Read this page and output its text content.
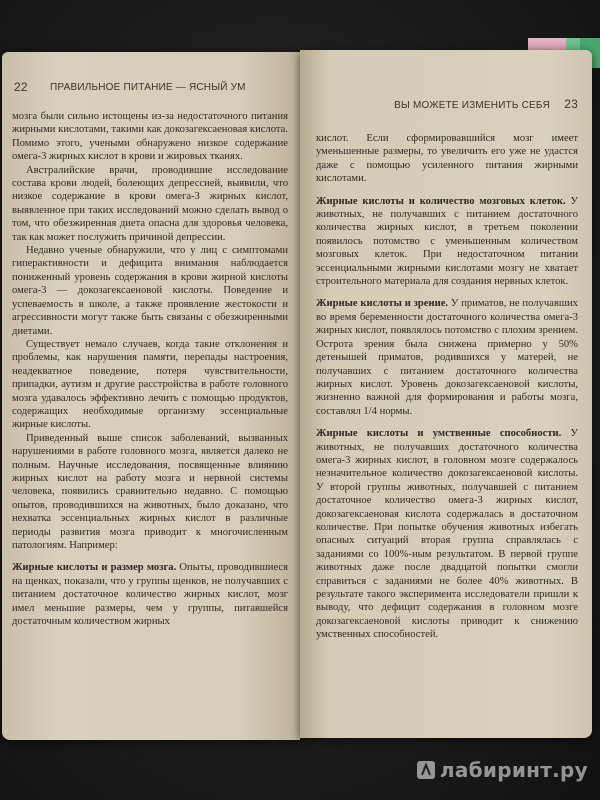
22 ПРАВИЛЬНОЕ ПИТАНИЕ — ЯСНЫЙ УМ

мозга были сильно истощены из-за недостаточного питания жирными кислотами, такими как докозагексаеновая кислота. Помимо этого, учеными обнаружено низкое содержание омега-3 жирных кислот в крови и жировых тканях.

Австралийские врачи, проводившие исследование состава крови людей, болеющих депрессией, выявили, что низкое содержание в крови омега-3 жирных кислот, выявленное при таких исследований можно сделать вывод о том, что обезжиренная диета опасна для здоровья человека, так как может послужить причиной депрессии.

Недавно ученые обнаружили, что у лиц с симптомами гиперактивности и дефицита внимания наблюдается пониженный уровень содержания в крови жирной кислоты омега-3 — докозагексаеновой кислоты. Поведение и успеваемость в школе, а также проявление жестокости и агрессивности могут также быть связаны с обезжиренными диетами.

Существует немало случаев, когда такие отклонения и проблемы, как нарушения памяти, перепады настроения, неадекватное поведение, потеря чувствительности, припадки, аутизм и другие расстройства в работе головного мозга удавалось эффективно лечить с помощью продуктов, содержащих необходимые организму эссенциальные жирные кислоты.

Приведенный выше список заболеваний, вызванных нарушениями в работе головного мозга, является далеко не полным. Научные исследования, посвященные влиянию жирных кислот на работу мозга и нервной системы человека, появились сравнительно недавно. С помощью опытов, проводившихся на животных, было доказано, что нехватка эссенциальных жирных кислот в различные периоды развития мозга приводит к многочисленным патологиям. Например:

Жирные кислоты и размер мозга. Опыты, проводившиеся на щенках, показали, что у группы щенков, не получавших с питанием достаточное количество жирных кислот, мозг имел меньшие размеры, чем у группы, питавшейся достаточным количеством жирных

ВЫ МОЖЕТЕ ИЗМЕНИТЬ СЕБЯ 23

кислот. Если сформировавшийся мозг имеет уменьшенные размеры, то увеличить его уже не удастся даже с помощью усиленного питания жирными кислотами.

Жирные кислоты и количество мозговых клеток. У животных, не получавших с питанием достаточного количества жирных кислот, в третьем поколении появилось потомство с уменьшенным количеством мозговых клеток. При недостаточном питании эссенциальными жирными кислотами мозгу не хватает строительного материала для создания нервных клеток.

Жирные кислоты и зрение. У приматов, не получавших во время беременности достаточного количества омега-3 жирных кислот, появлялось потомство с плохим зрением. Острота зрения была снижена примерно у 50% детенышей приматов, родившихся у матерей, не получавших с питанием достаточного количества жирных кислот. Уровень докозагексаеновой кислоты, жизненно важной для формирования и работы мозга, составлял 1/4 нормы.

Жирные кислоты и умственные способности. У животных, не получавших достаточного количества омега-3 жирных кислот, в головном мозге содержалось незначительное количество докозагексаеновой кислоты. У второй группы животных, получавшей с питанием достаточное количество омега-3 жирных кислот, докозагексаеновая кислота содержалась в достаточном количестве. При попытке обучения животных избегать опасных ситуаций вторая группа справлялась с заданиями со 100%-ным результатом. В первой группе животных даже после двадцатой попытки смогли справиться с заданиями не более 40% животных. В результате такого эксперимента исследователи пришли к выводу, что дефицит содержания в головном мозге докозагексаеновой кислоты приводит к снижению умственных способностей.

лабиринт.ру
